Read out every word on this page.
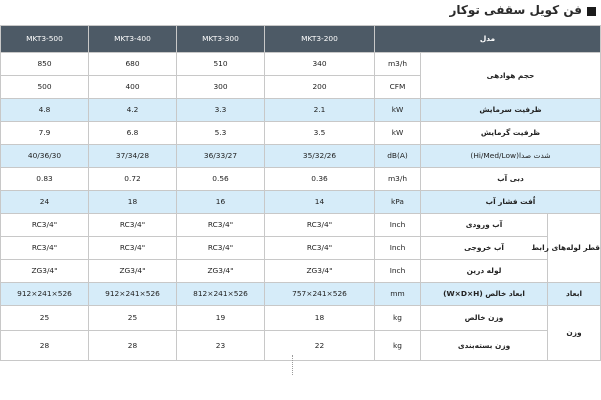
فن کویل سقفی توکار
MKT3-500	MKT3-400	MKT3-300	MKT3-200	مدل		
850	680	510	340	m3/h	حجم هوادهی	
500	400	300	200	CFM		
4.8	4.2	3.3	2.1	kW	ظرفیت سرمایش	
7.9	6.8	5.3	3.5	kW	ظرفیت گرمایش	
40/36/30	37/34/28	36/33/27	35/32/26	dB(A)	شدت صدا(Hi/Med/Low)	
0.83	0.72	0.56	0.36	m3/h	دبی آب	
24	18	16	14	kPa	اُفت فشار آب	
RC3/4"	RC3/4"	RC3/4"	RC3/4"	Inch	آب ورودی	قطر لوله‌های رابط
RC3/4"	RC3/4"	RC3/4"	RC3/4"	Inch	آب خروجی	
ZG3/4"	ZG3/4"	ZG3/4"	ZG3/4"	Inch	لوله درین	
912×241×526	912×241×526	812×241×526	757×241×526	mm	ابعاد خالص (W×D×H)	ابعاد
25	25	19	18	kg	وزن خالص	وزن
28	28	23	22	kg	وزن بسته‌بندی	
